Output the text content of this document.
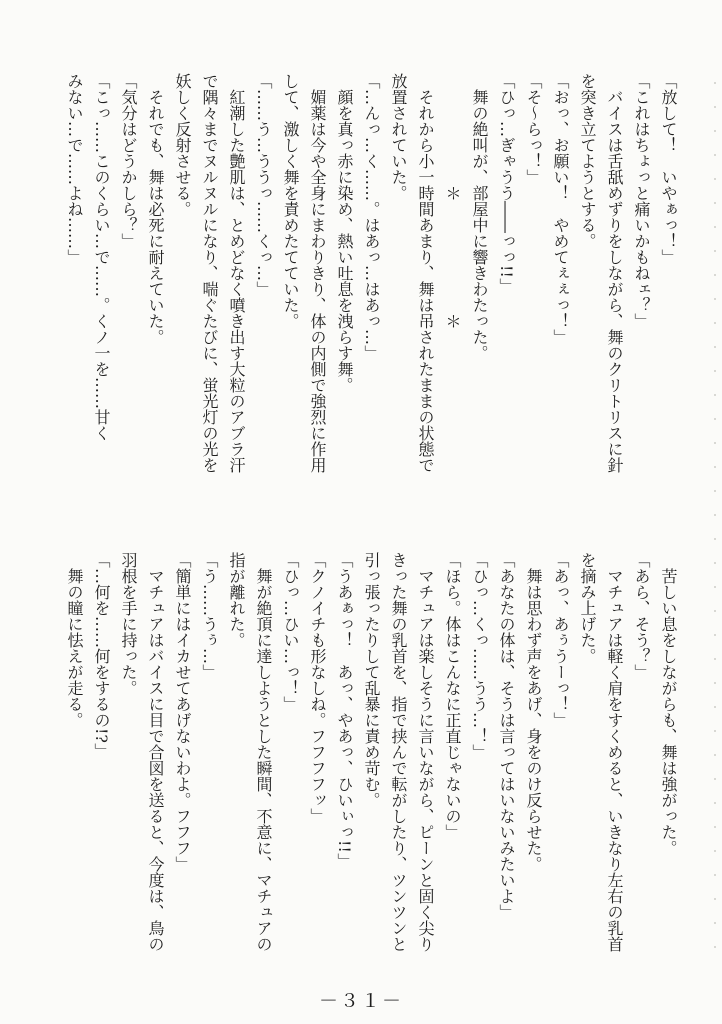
「放して！　いやぁっ！」
「これはちょっと痛いかもねェ？」
　バイスは舌舐めずりをしながら、舞のクリトリスに針
を突き立てようとする。
「おっ、お願い！　やめてぇぇっ！」
「そ～らっ！」
「ひっ…ぎゃうう――っっ!!」
　舞の絶叫が、部屋中に響きわたった。
　　　　　　　＊　　　　　　　＊
　それから小一時間あまり、舞は吊されたままの状態で
放置されていた。
「…んっ…く……。はあっ…はあっ…」
　顔を真っ赤に染め、熱い吐息を洩らす舞。
　媚薬は今や全身にまわりきり、体の内側で強烈に作用
して、激しく舞を責めたてていた。
「……う…ううっ……くっ…」
　紅潮した艶肌は、とめどなく噴き出す大粒のアブラ汗
で隅々までヌルヌルになり、喘ぐたびに、蛍光灯の光を
妖しく反射させる。
　それでも、舞は必死に耐えていた。
「気分はどうかしら？」
「こっ……このくらい…で……。くノ一を……甘く
みない…で……よね……」
　苦しい息をしながらも、舞は強がった。
「あら、そう？」
　マチュアは軽く肩をすくめると、いきなり左右の乳首
を摘み上げた。
「あっ、あぅうーっ！」
　舞は思わず声をあげ、身をのけ反らせた。
「あなたの体は、そうは言ってはいないみたいよ」
「ひっ…くっ……うう…！」
「ほら。体はこんなに正直じゃないの」
　マチュアは楽しそうに言いながら、ピーンと固く尖り
きった舞の乳首を、指で挟んで転がしたり、ツンツンと
引っ張ったりして乱暴に責め苛む。
「うあぁっ！　あっ、やあっ、ひいぃっ!!」
「クノイチも形なしね。フフフフッ」
「ひっ…ひい…っ！」
　舞が絶頂に達しようとした瞬間、不意に、マチュアの
指が離れた。
「う……うぅ…」
「簡単にはイカせてあげないわよ。フフフ」
　マチュアはバイスに目で合図を送ると、今度は、鳥の
羽根を手に持った。
「…何を……何をするの!?」
　舞の瞳に怯えが走る。
－３１－
